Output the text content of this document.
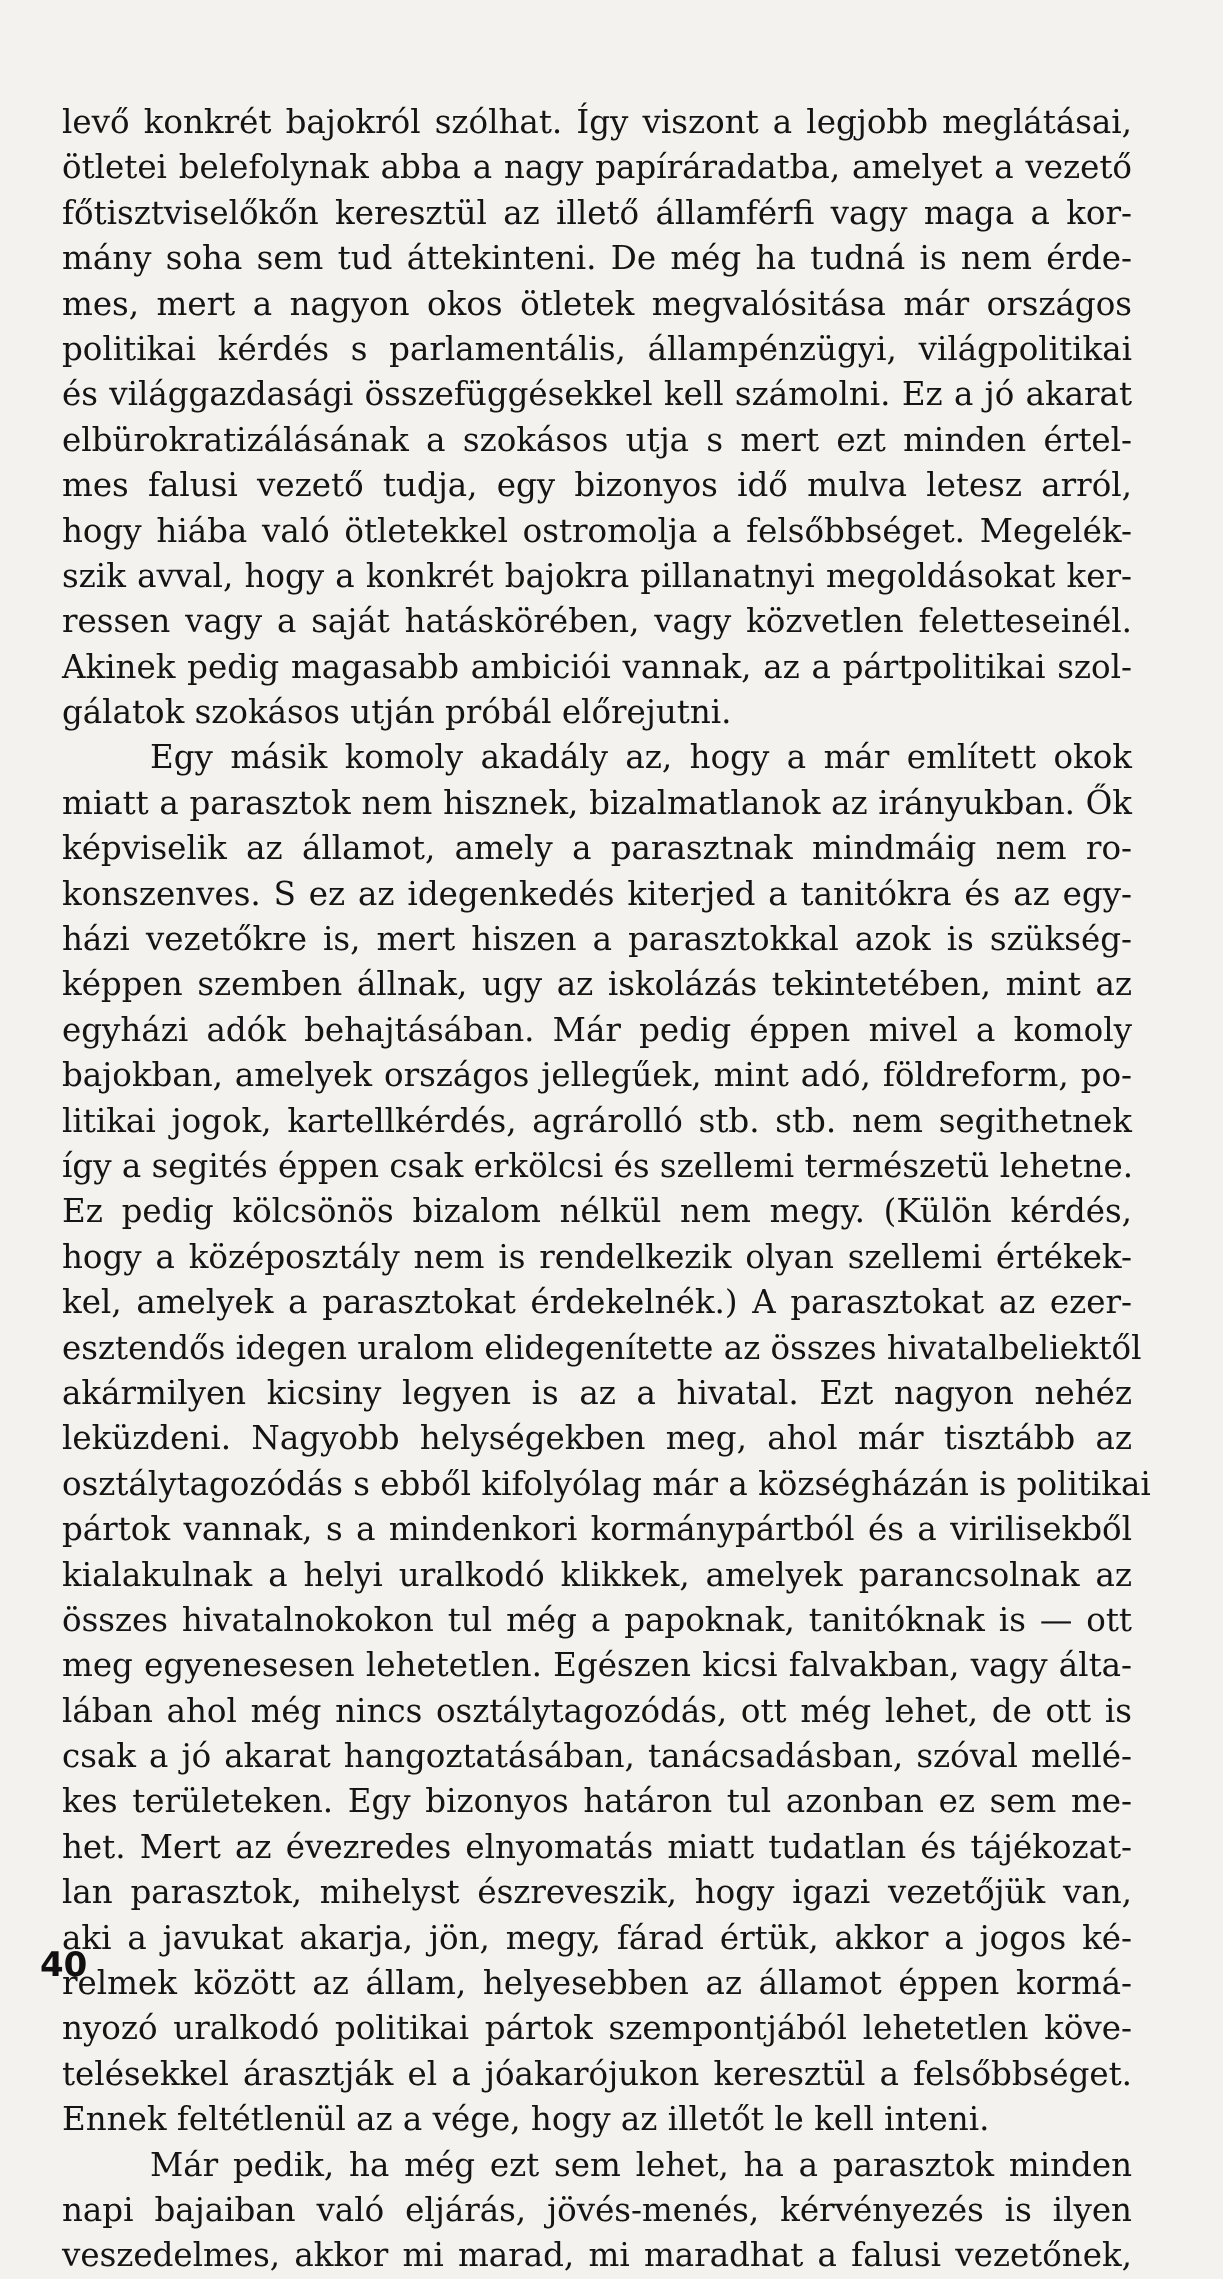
levő konkrét bajokról szólhat. Így viszont a legjobb meglátásai,
ötletei belefolynak abba a nagy papíráradatba, amelyet a vezető
főtisztviselőkőn keresztül az illető államférfi vagy maga a kor-
mány soha sem tud áttekinteni. De még ha tudná is nem érde-
mes, mert a nagyon okos ötletek megvalósitása már országos
politikai kérdés s parlamentális, állampénzügyi, világpolitikai
és világgazdasági összefüggésekkel kell számolni. Ez a jó akarat
elbürokratizálásának a szokásos utja s mert ezt minden értel-
mes falusi vezető tudja, egy bizonyos idő mulva letesz arról,
hogy hiába való ötletekkel ostromolja a felsőbbséget. Megelék-
szik avval, hogy a konkrét bajokra pillanatnyi megoldásokat ker-
ressen vagy a saját hatáskörében, vagy közvetlen feletteseinél.
Akinek pedig magasabb ambiciói vannak, az a pártpolitikai szol-
gálatok szokásos utján próbál előrejutni.
Egy másik komoly akadály az, hogy a már említett okok
miatt a parasztok nem hisznek, bizalmatlanok az irányukban. Ők
képviselik az államot, amely a parasztnak mindmáig nem ro-
konszenves. S ez az idegenkedés kiterjed a tanitókra és az egy-
házi vezetőkre is, mert hiszen a parasztokkal azok is szükség-
képpen szemben állnak, ugy az iskolázás tekintetében, mint az
egyházi adók behajtásában. Már pedig éppen mivel a komoly
bajokban, amelyek országos jellegűek, mint adó, földreform, po-
litikai jogok, kartellkérdés, agrárolló stb. stb. nem segithetnek
így a segités éppen csak erkölcsi és szellemi természetü lehetne.
Ez pedig kölcsönös bizalom nélkül nem megy. (Külön kérdés,
hogy a középosztály nem is rendelkezik olyan szellemi értékek-
kel, amelyek a parasztokat érdekelnék.) A parasztokat az ezer-
esztendős idegen uralom elidegenítette az összes hivatalbeliektől
akármilyen kicsiny legyen is az a hivatal. Ezt nagyon nehéz
leküzdeni. Nagyobb helységekben meg, ahol már tisztább az
osztálytagozódás s ebből kifolyólag már a községházán is politikai
pártok vannak, s a mindenkori kormánypártból és a virilisekből
kialakulnak a helyi uralkodó klikkek, amelyek parancsolnak az
összes hivatalnokokon tul még a papoknak, tanitóknak is — ott
meg egyenesesen lehetetlen. Egészen kicsi falvakban, vagy álta-
lában ahol még nincs osztálytagozódás, ott még lehet, de ott is
csak a jó akarat hangoztatásában, tanácsadásban, szóval mellé-
kes területeken. Egy bizonyos határon tul azonban ez sem me-
het. Mert az évezredes elnyomatás miatt tudatlan és tájékozat-
lan parasztok, mihelyst észreveszik, hogy igazi vezetőjük van,
aki a javukat akarja, jön, megy, fárad értük, akkor a jogos ké-
relmek között az állam, helyesebben az államot éppen kormá-
nyozó uralkodó politikai pártok szempontjából lehetetlen köve-
telésekkel árasztják el a jóakarójukon keresztül a felsőbbséget.
Ennek feltétlenül az a vége, hogy az illetőt le kell inteni.
Már pedik, ha még ezt sem lehet, ha a parasztok minden
napi bajaiban való eljárás, jövés-menés, kérvényezés is ilyen
veszedelmes, akkor mi marad, mi maradhat a falusi vezetőnek,
40
